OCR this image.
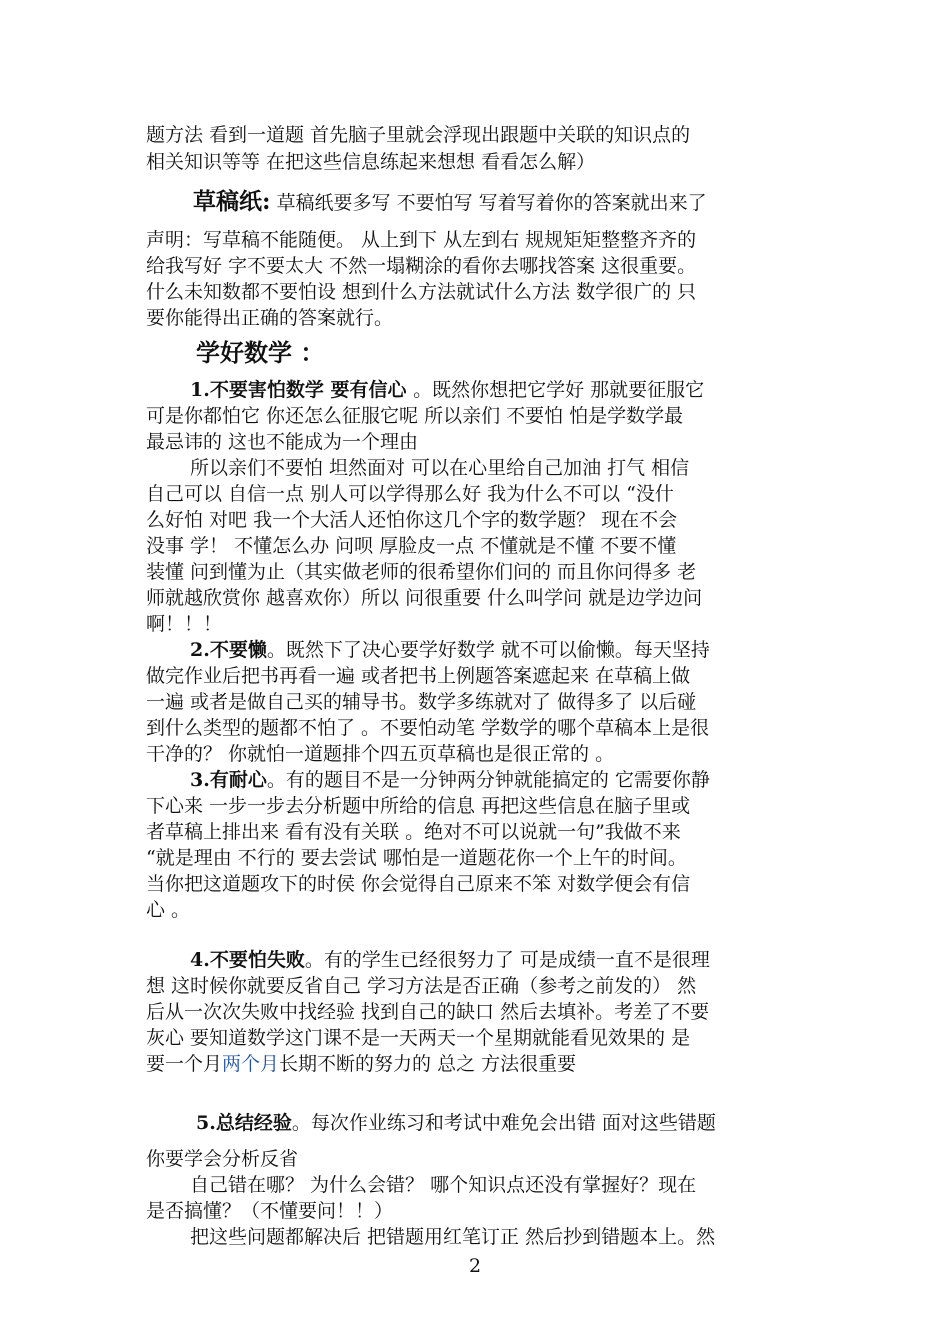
题方法 看到一道题 首先脑子里就会浮现出跟题中关联的知识点的
相关知识等等 在把这些信息练起来想想 看看怎么解）
草稿纸: 草稿纸要多写 不要怕写 写着写着你的答案就出来了
声明：写草稿不能随便。 从上到下 从左到右 规规矩矩整整齐齐的
给我写好 字不要太大 不然一塌糊涂的看你去哪找答案 这很重要。
什么未知数都不要怕设 想到什么方法就试什么方法 数学很广的 只
要你能得出正确的答案就行。
学好数学 ：
1.不要害怕数学 要有信心 。既然你想把它学好 那就要征服它
可是你都怕它 你还怎么征服它呢 所以亲们 不要怕 怕是学数学最
最忌讳的 这也不能成为一个理由
所以亲们不要怕 坦然面对 可以在心里给自己加油 打气 相信
自己可以 自信一点 别人可以学得那么好 我为什么不可以 “没什
么好怕 对吧 我一个大活人还怕你这几个字的数学题？ 现在不会
没事 学！ 不懂怎么办 问呗 厚脸皮一点 不懂就是不懂 不要不懂
装懂 问到懂为止（其实做老师的很希望你们问的 而且你问得多 老
师就越欣赏你 越喜欢你）所以 问很重要 什么叫学问 就是边学边问
啊！！！
2.不要懒。既然下了决心要学好数学 就不可以偷懒。每天坚持
做完作业后把书再看一遍 或者把书上例题答案遮起来 在草稿上做
一遍 或者是做自己买的辅导书。数学多练就对了 做得多了 以后碰
到什么类型的题都不怕了 。不要怕动笔 学数学的哪个草稿本上是很
干净的？ 你就怕一道题排个四五页草稿也是很正常的 。
3.有耐心。有的题目不是一分钟两分钟就能搞定的 它需要你静
下心来 一步一步去分析题中所给的信息 再把这些信息在脑子里或
者草稿上排出来 看有没有关联 。绝对不可以说就一句”我做不来
“就是理由 不行的 要去尝试 哪怕是一道题花你一个上午的时间。
当你把这道题攻下的时侯 你会觉得自己原来不笨 对数学便会有信
心 。
4.不要怕失败。有的学生已经很努力了 可是成绩一直不是很理
想 这时候你就要反省自己 学习方法是否正确（参考之前发的） 然
后从一次次失败中找经验 找到自己的缺口 然后去填补。考差了不要
灰心 要知道数学这门课不是一天两天一个星期就能看见效果的 是
要一个月两个月长期不断的努力的 总之 方法很重要
5.总结经验。每次作业练习和考试中难免会出错 面对这些错题
你要学会分析反省
自己错在哪？ 为什么会错？ 哪个知识点还没有掌握好？现在
是否搞懂？（不懂要问！！）
把这些问题都解决后 把错题用红笔订正 然后抄到错题本上。然
2
